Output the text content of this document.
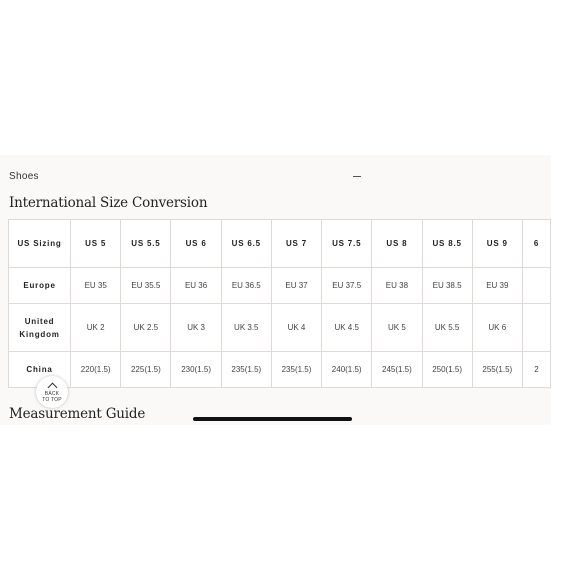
Shoes
International Size Conversion
US Sizing	US 5	US 5.5	US 6	US 6.5	US 7	US 7.5	US 8	US 8.5	US 9	6
Europe	EU 35	EU 35.5	EU 36	EU 36.5	EU 37	EU 37.5	EU 38	EU 38.5	EU 39	
United Kingdom	UK 2	UK 2.5	UK 3	UK 3.5	UK 4	UK 4.5	UK 5	UK 5.5	UK 6	
China	220(1.5)	225(1.5)	230(1.5)	235(1.5)	235(1.5)	240(1.5)	245(1.5)	250(1.5)	255(1.5)	2
BACK
TO TOP
Measurement Guide
